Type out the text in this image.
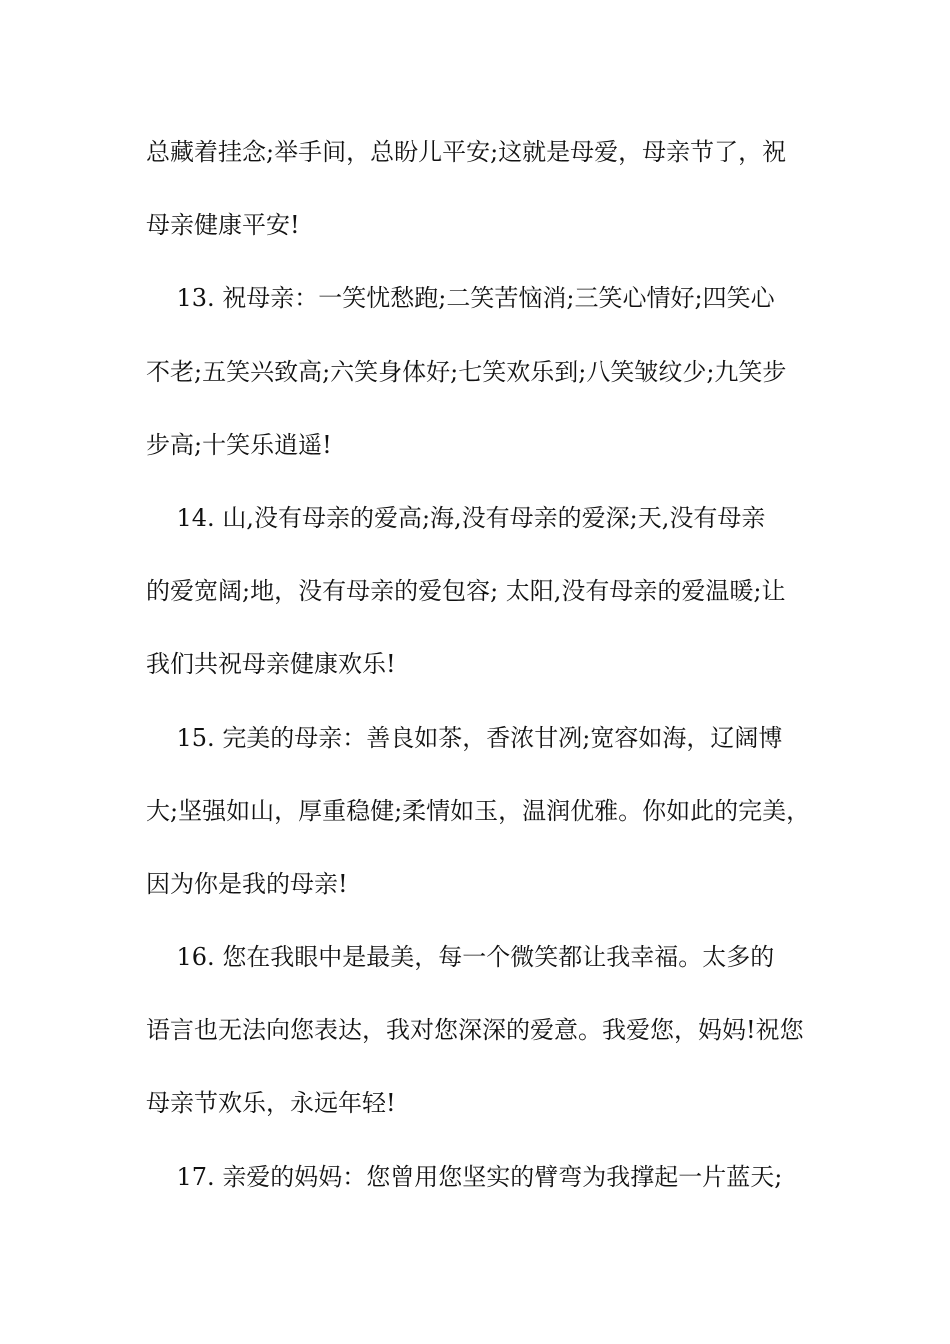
总藏着挂念;举手间，总盼儿平安;这就是母爱，母亲节了，祝
母亲健康平安!
13. 祝母亲：一笑忧愁跑;二笑苦恼消;三笑心情好;四笑心
不老;五笑兴致高;六笑身体好;七笑欢乐到;八笑皱纹少;九笑步
步高;十笑乐逍遥!
14. 山,没有母亲的爱高;海,没有母亲的爱深;天,没有母亲
的爱宽阔;地，没有母亲的爱包容; 太阳,没有母亲的爱温暖;让
我们共祝母亲健康欢乐!
15. 完美的母亲：善良如茶，香浓甘冽;宽容如海，辽阔博
大;坚强如山，厚重稳健;柔情如玉，温润优雅。你如此的完美，
因为你是我的母亲!
16. 您在我眼中是最美，每一个微笑都让我幸福。太多的
语言也无法向您表达，我对您深深的爱意。我爱您，妈妈!祝您
母亲节欢乐，永远年轻!
17. 亲爱的妈妈：您曾用您坚实的臂弯为我撑起一片蓝天;
